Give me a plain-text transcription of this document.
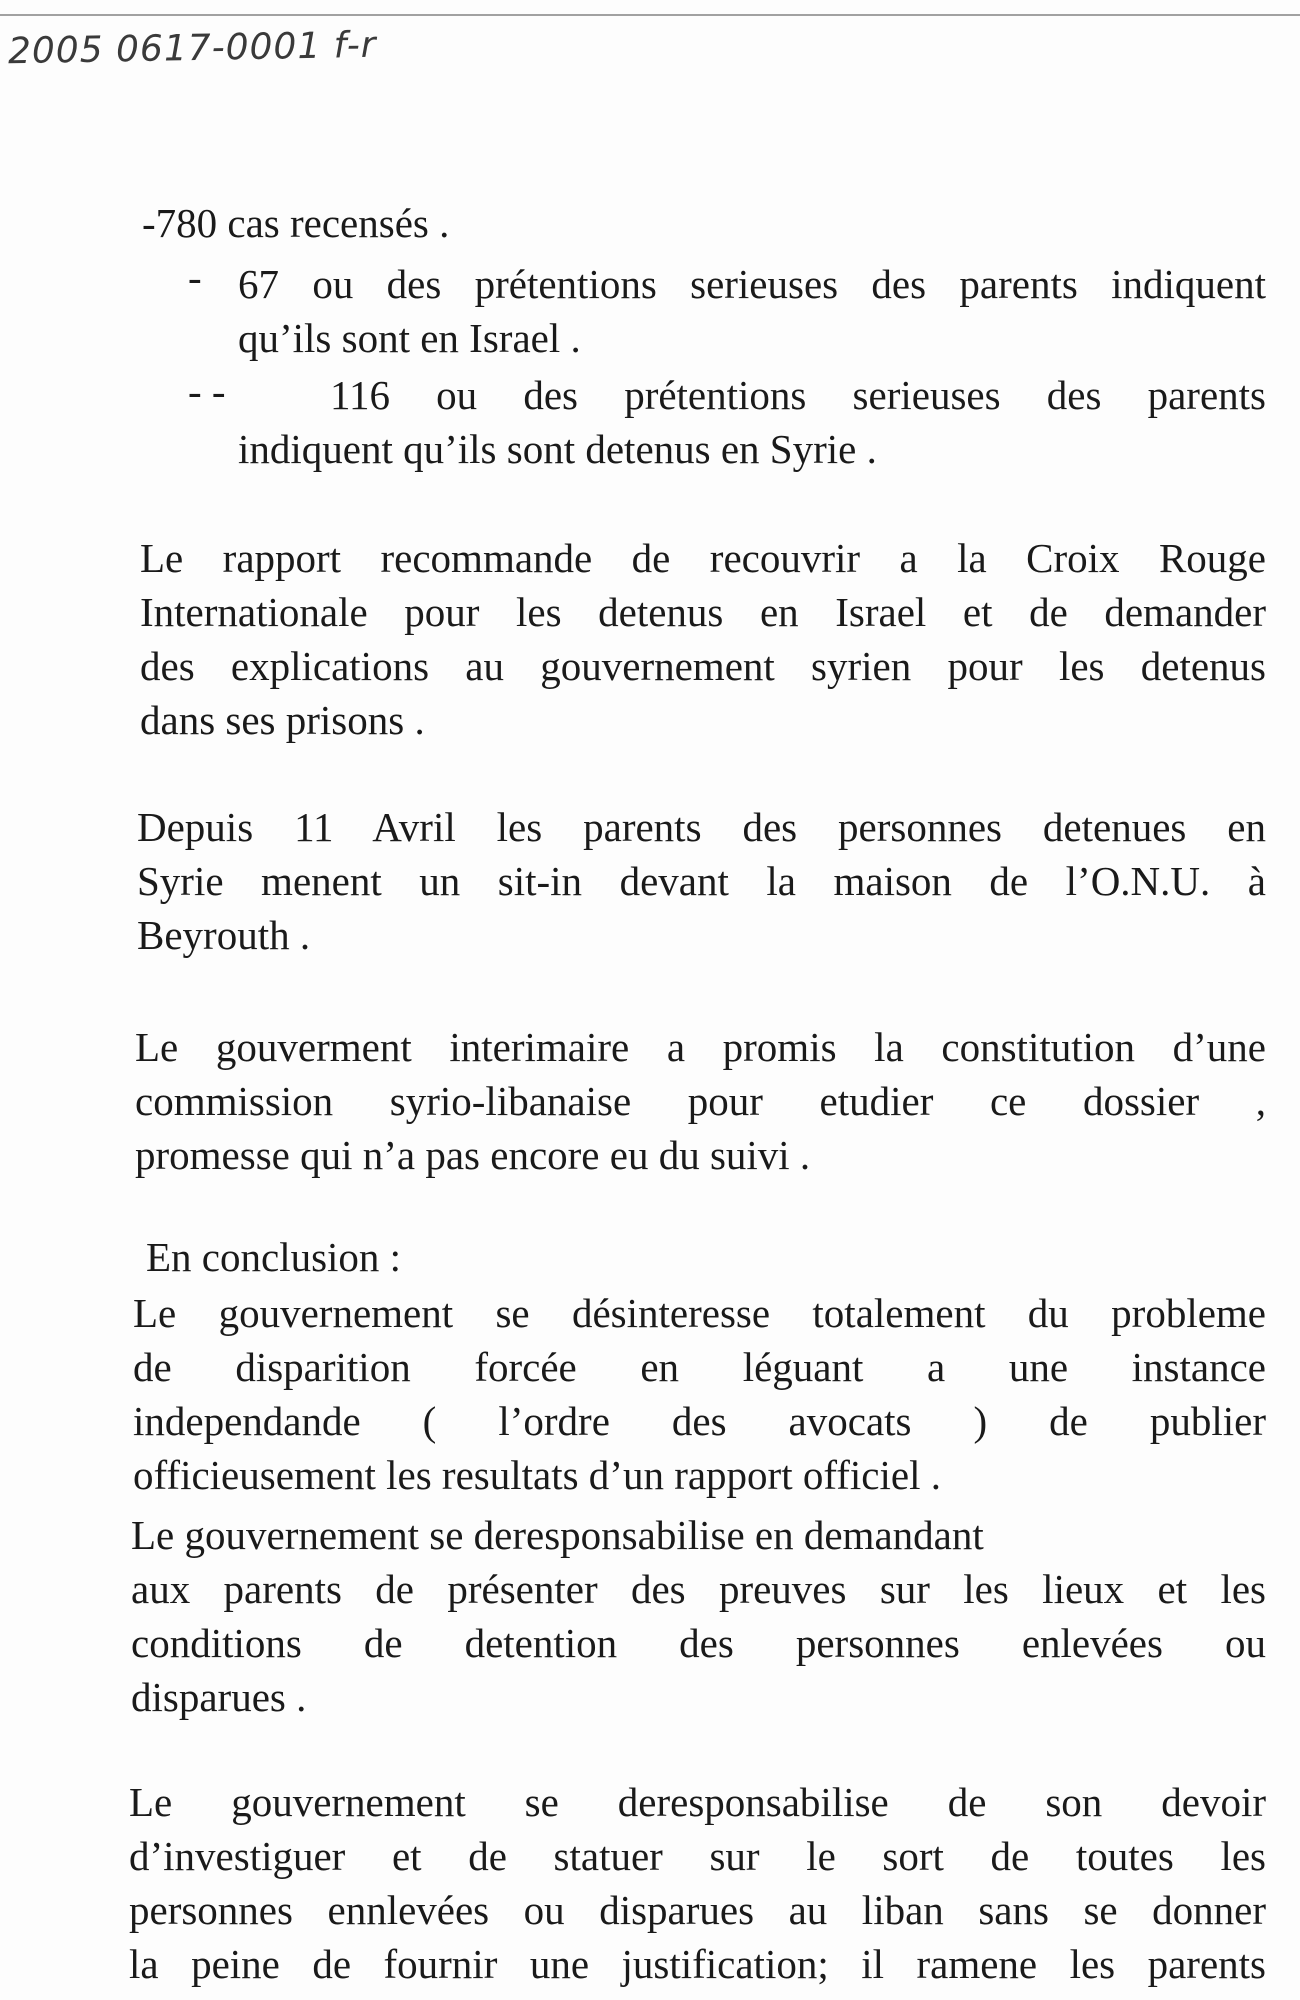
2005 0617-0001 f-r
-780 cas recensés .
- 67 ou des prétentions serieuses des parents indiquent
qu’ils sont en Israel .
- -	116 ou des prétentions serieuses des parents
indiquent qu’ils sont detenus en Syrie .
Le rapport recommande de recouvrir a la Croix Rouge
Internationale pour les detenus en Israel et de demander
des explications au gouvernement syrien pour les detenus
dans ses prisons .
Depuis 11 Avril les parents des personnes detenues en
Syrie menent un sit-in devant la maison de l’O.N.U. à
Beyrouth .
Le gouverment interimaire a promis la constitution d’une
commission syrio-libanaise pour etudier ce dossier ,
promesse qui n’a pas encore eu du suivi .
En conclusion :
Le gouvernement se désinteresse totalement du probleme
de disparition forcée en léguant a une instance
independande ( l’ordre des avocats ) de publier
officieusement les resultats d’un rapport officiel .
Le gouvernement se deresponsabilise en demandant
aux parents de présenter des preuves sur les lieux et les
conditions de detention des personnes enlevées ou
disparues .
Le gouvernement se deresponsabilise de son devoir
d’investiguer et de statuer sur le sort de toutes les
personnes ennlevées ou disparues au liban sans se donner
la peine de fournir une justification; il ramene les parents
